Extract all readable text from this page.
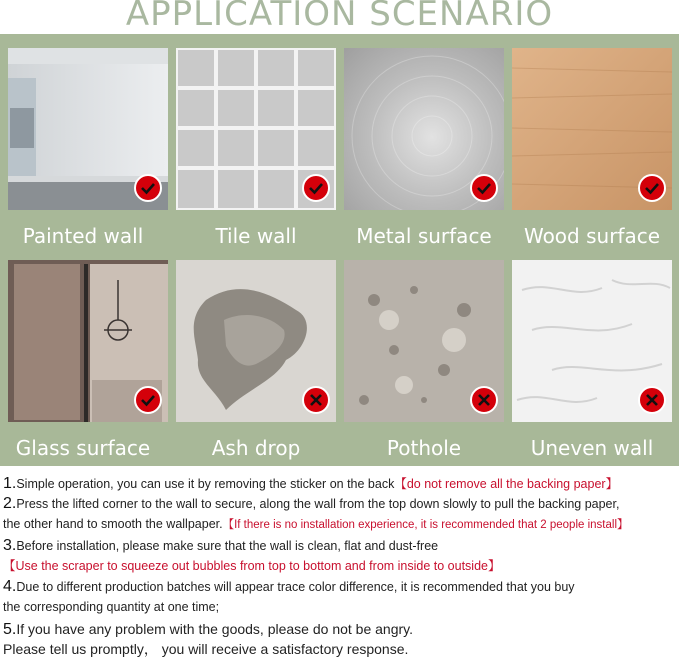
APPLICATION SCENARIO
Painted wall	Tile wall	Metal surface	Wood surface
Glass surface	Ash drop	Pothole	Uneven wall
1.Simple operation, you can use it by removing the sticker on the back【do not remove all the backing paper】
2.Press the lifted corner to the wall to secure, along the wall from the top down slowly to pull the backing paper,
the other hand to smooth the wallpaper.【If there is no installation experience, it is recommended that 2 people install】
3.Before installation, please make sure that the wall is clean, flat and dust-free
【Use the scraper to squeeze out bubbles from top to bottom and from inside to outside】
4.Due to different production batches will appear trace color difference, it is recommended that you buy
the corresponding quantity at one time;
5.If you have any problem with the goods, please do not be angry.
Please tell us promptly， you will receive a satisfactory response.
